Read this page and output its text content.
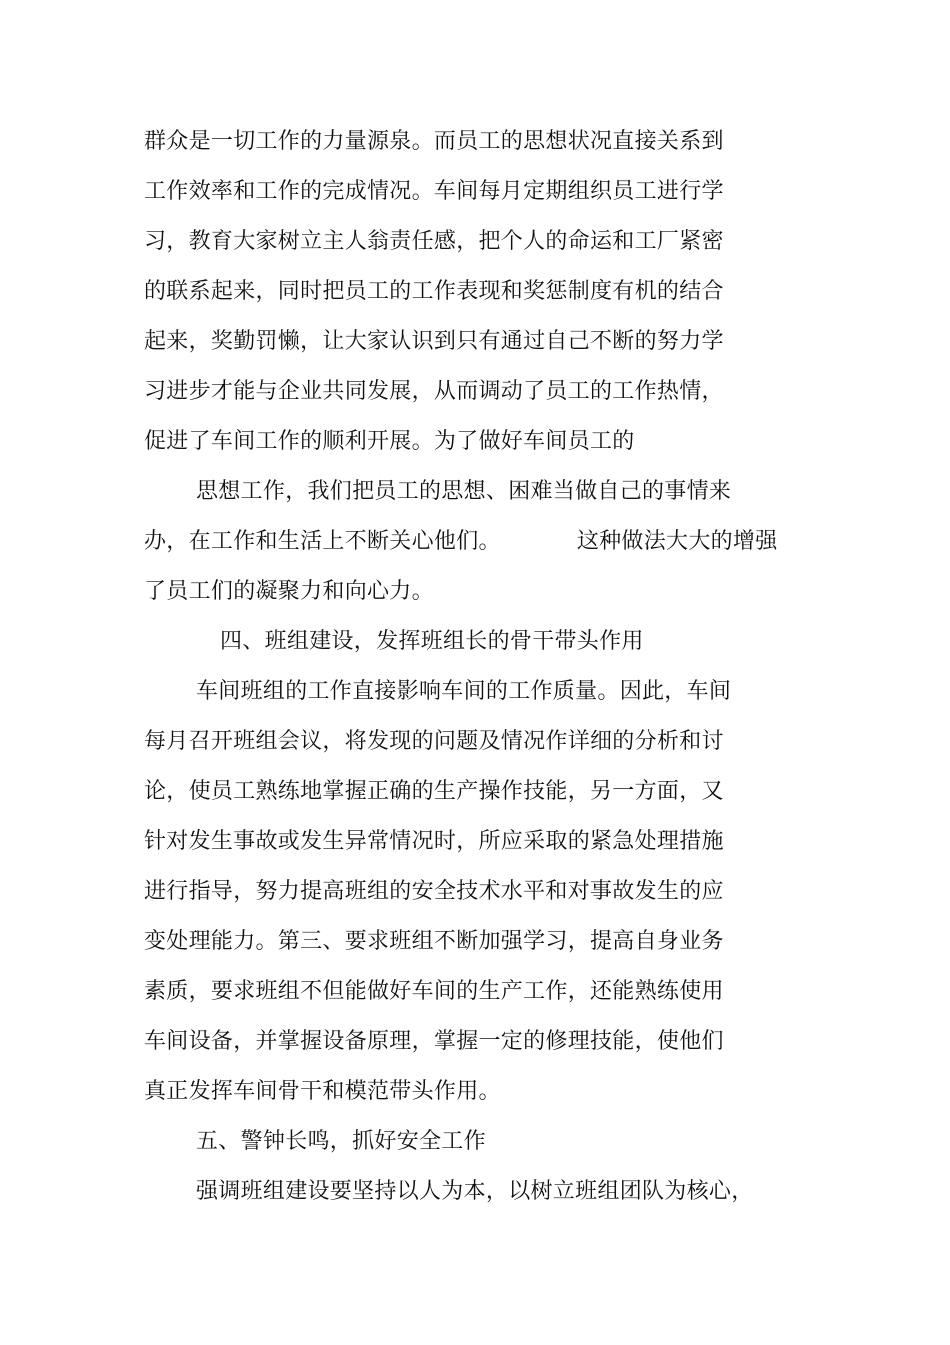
群众是一切工作的力量源泉。而员工的思想状况直接关系到
工作效率和工作的完成情况。车间每月定期组织员工进行学
习，教育大家树立主人翁责任感，把个人的命运和工厂紧密
的联系起来，同时把员工的工作表现和奖惩制度有机的结合
起来，奖勤罚懒，让大家认识到只有通过自己不断的努力学
习进步才能与企业共同发展，从而调动了员工的工作热情，
促进了车间工作的顺利开展。为了做好车间员工的
思想工作，我们把员工的思想、困难当做自己的事情来
办，在工作和生活上不断关心他们。	这种做法大大的增强
了员工们的凝聚力和向心力。
四、班组建设，发挥班组长的骨干带头作用
车间班组的工作直接影响车间的工作质量。因此，车间
每月召开班组会议，将发现的问题及情况作详细的分析和讨
论，使员工熟练地掌握正确的生产操作技能，另一方面，又
针对发生事故或发生异常情况时，所应采取的紧急处理措施
进行指导，努力提高班组的安全技术水平和对事故发生的应
变处理能力。第三、要求班组不断加强学习，提高自身业务
素质，要求班组不但能做好车间的生产工作，还能熟练使用
车间设备，并掌握设备原理，掌握一定的修理技能，使他们
真正发挥车间骨干和模范带头作用。
五、警钟长鸣，抓好安全工作
强调班组建设要坚持以人为本，以树立班组团队为核心，
